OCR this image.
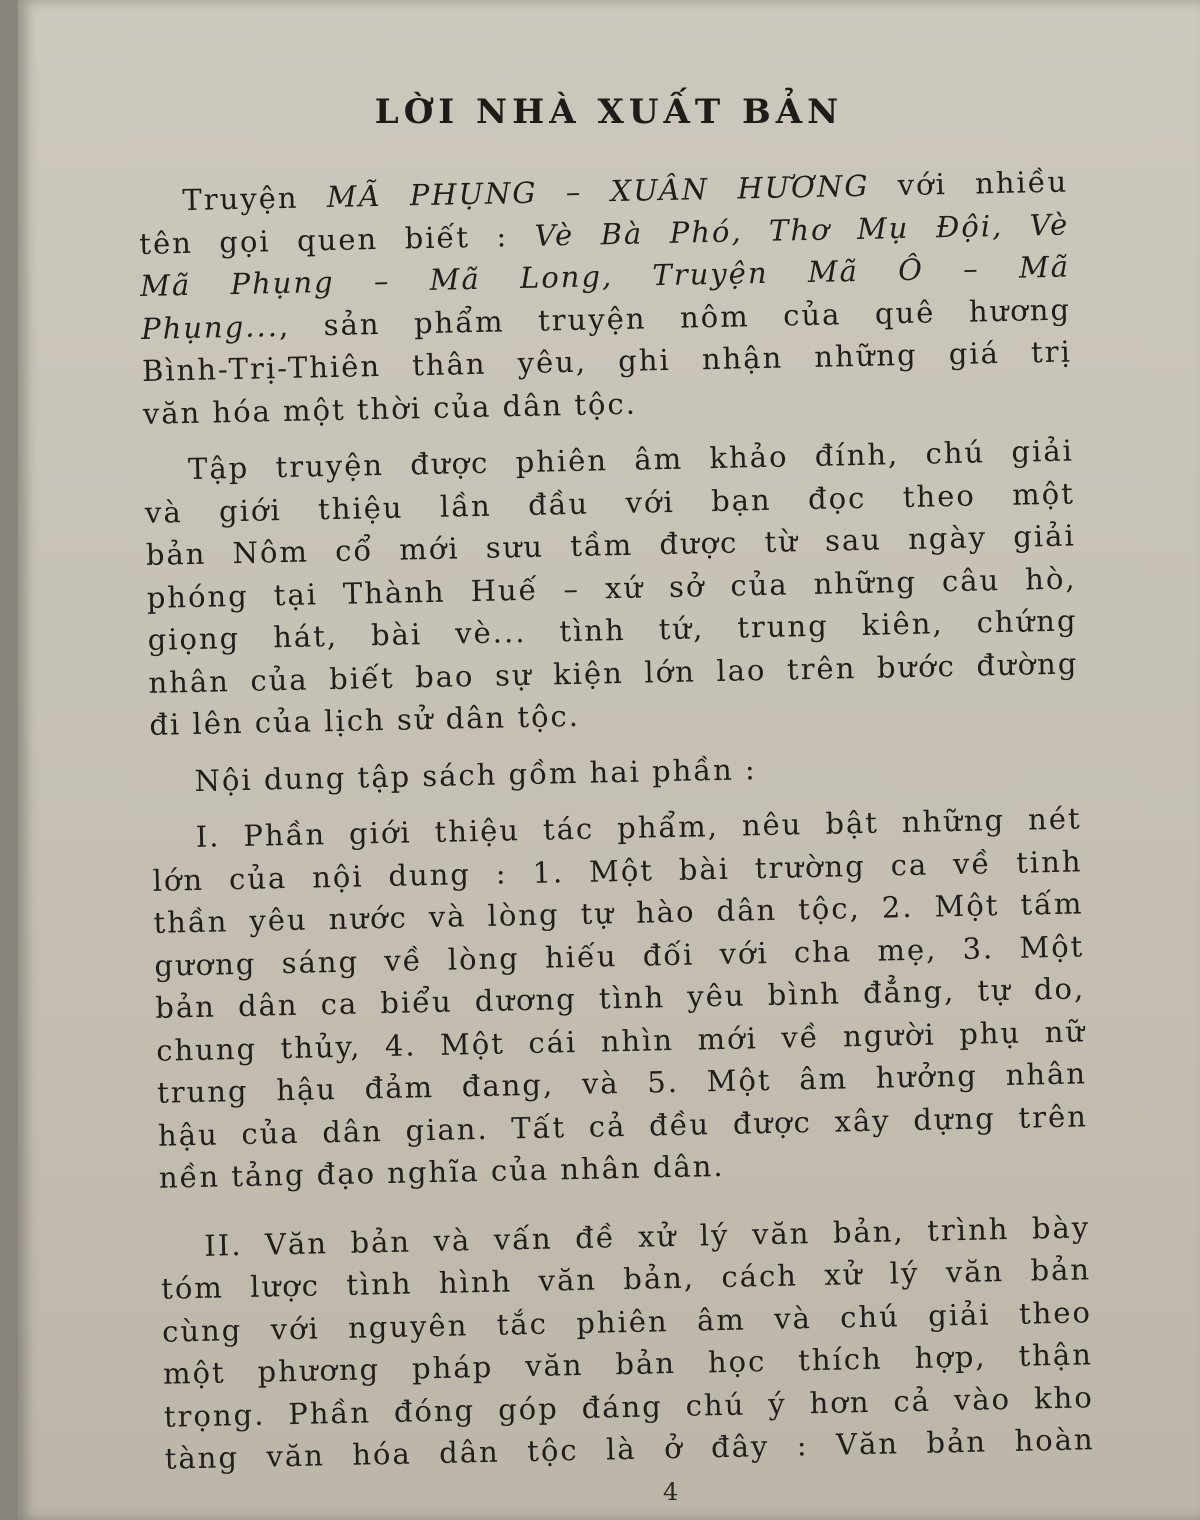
LỜI NHÀ XUẤT BẢN
Truyện MÃ PHỤNG – XUÂN HƯƠNG với nhiều
tên gọi quen biết : Vè Bà Phó, Thơ Mụ Đội, Vè
Mã Phụng – Mã Long, Truyện Mã Ô – Mã
Phụng..., sản phẩm truyện nôm của quê hương
Bình-Trị-Thiên thân yêu, ghi nhận những giá trị
văn hóa một thời của dân tộc.
Tập truyện được phiên âm khảo đính, chú giải
và giới thiệu lần đầu với bạn đọc theo một
bản Nôm cổ mới sưu tầm được từ sau ngày giải
phóng tại Thành Huế – xứ sở của những câu hò,
giọng hát, bài vè... tình tứ, trung kiên, chứng
nhân của biết bao sự kiện lớn lao trên bước đường
đi lên của lịch sử dân tộc.
Nội dung tập sách gồm hai phần :
I. Phần giới thiệu tác phẩm, nêu bật những nét
lớn của nội dung : 1. Một bài trường ca về tinh
thần yêu nước và lòng tự hào dân tộc, 2. Một tấm
gương sáng về lòng hiếu đối với cha mẹ, 3. Một
bản dân ca biểu dương tình yêu bình đẳng, tự do,
chung thủy, 4. Một cái nhìn mới về người phụ nữ
trung hậu đảm đang, và 5. Một âm hưởng nhân
hậu của dân gian. Tất cả đều được xây dựng trên
nền tảng đạo nghĩa của nhân dân.
II. Văn bản và vấn đề xử lý văn bản, trình bày
tóm lược tình hình văn bản, cách xử lý văn bản
cùng với nguyên tắc phiên âm và chú giải theo
một phương pháp văn bản học thích hợp, thận
trọng. Phần đóng góp đáng chú ý hơn cả vào kho
tàng văn hóa dân tộc là ở đây : Văn bản hoàn
4
